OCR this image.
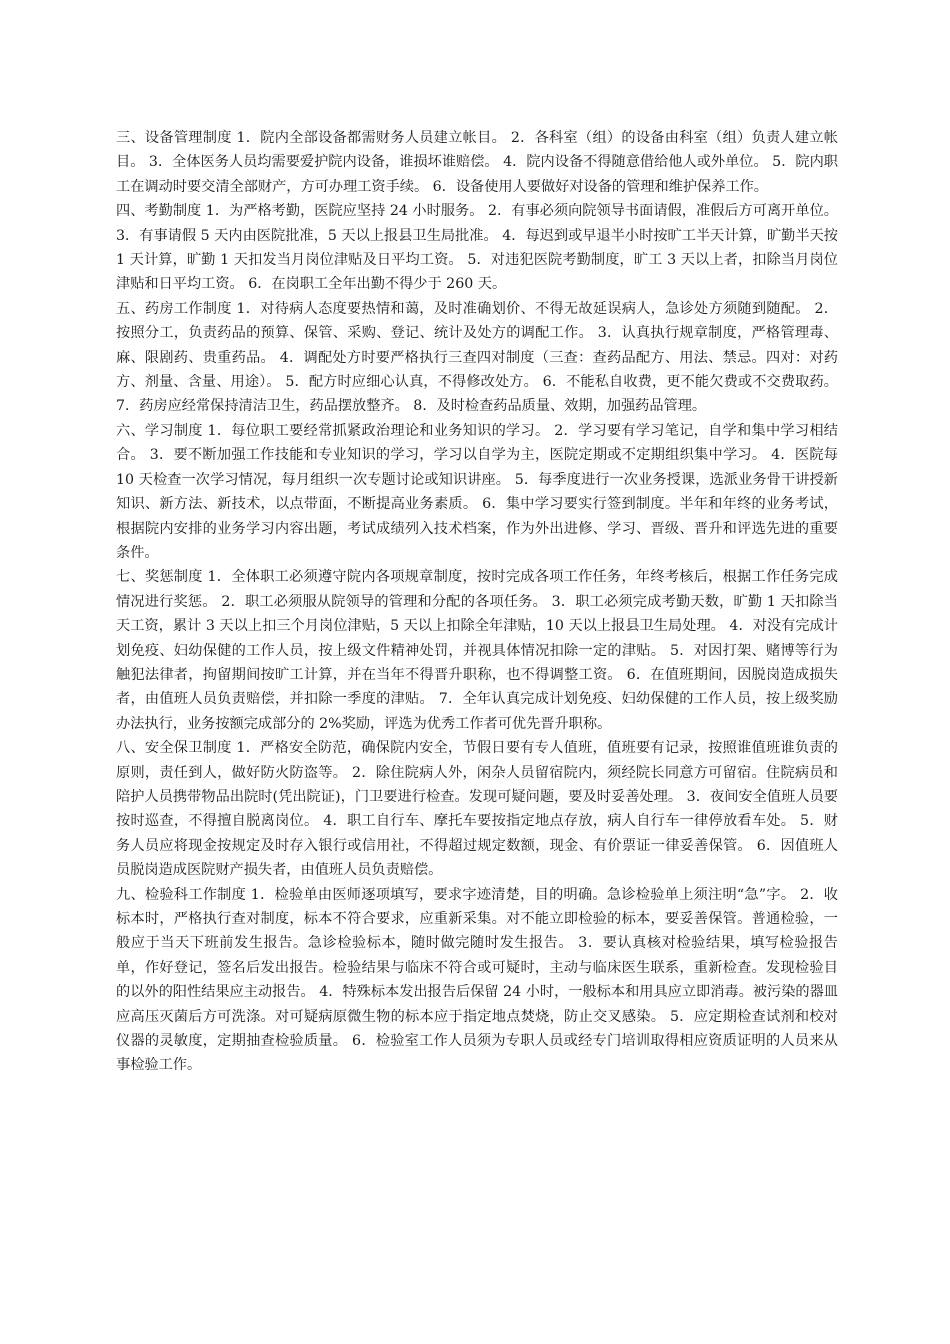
三、设备管理制度 1．院内全部设备都需财务人员建立帐目。 2．各科室（组）的设备由科室（组）负责人建立帐目。 3．全体医务人员均需要爱护院内设备，谁损坏谁赔偿。 4．院内设备不得随意借给他人或外单位。 5．院内职工在调动时要交清全部财产，方可办理工资手续。 6．设备使用人要做好对设备的管理和维护保养工作。

四、考勤制度 1．为严格考勤，医院应坚持 24 小时服务。 2．有事必须向院领导书面请假，准假后方可离开单位。 3．有事请假 5 天内由医院批准，5 天以上报县卫生局批准。 4．每迟到或早退半小时按旷工半天计算，旷勤半天按 1 天计算，旷勤 1 天扣发当月岗位津贴及日平均工资。 5．对违犯医院考勤制度，旷工 3 天以上者，扣除当月岗位津贴和日平均工资。 6．在岗职工全年出勤不得少于 260 天。

五、药房工作制度 1．对待病人态度要热情和蔼，及时准确划价、不得无故延误病人，急诊处方须随到随配。 2．按照分工，负责药品的预算、保管、采购、登记、统计及处方的调配工作。 3．认真执行规章制度，严格管理毒、麻、限剧药、贵重药品。 4．调配处方时要严格执行三查四对制度（三查：查药品配方、用法、禁忌。四对：对药方、剂量、含量、用途）。 5．配方时应细心认真，不得修改处方。 6．不能私自收费，更不能欠费或不交费取药。 7．药房应经常保持清洁卫生，药品摆放整齐。 8．及时检查药品质量、效期，加强药品管理。

六、学习制度 1．每位职工要经常抓紧政治理论和业务知识的学习。 2．学习要有学习笔记，自学和集中学习相结合。 3．要不断加强工作技能和专业知识的学习，学习以自学为主，医院定期或不定期组织集中学习。 4．医院每 10 天检查一次学习情况，每月组织一次专题讨论或知识讲座。 5．每季度进行一次业务授课，选派业务骨干讲授新知识、新方法、新技术，以点带面，不断提高业务素质。 6．集中学习要实行签到制度。半年和年终的业务考试，根据院内安排的业务学习内容出题，考试成绩列入技术档案，作为外出进修、学习、晋级、晋升和评选先进的重要条件。

七、奖惩制度 1．全体职工必须遵守院内各项规章制度，按时完成各项工作任务，年终考核后，根据工作任务完成情况进行奖惩。 2．职工必须服从院领导的管理和分配的各项任务。 3．职工必须完成考勤天数，旷勤 1 天扣除当天工资，累计 3 天以上扣三个月岗位津贴，5 天以上扣除全年津贴，10 天以上报县卫生局处理。 4．对没有完成计划免疫、妇幼保健的工作人员，按上级文件精神处罚，并视具体情况扣除一定的津贴。 5．对因打架、赌博等行为触犯法律者，拘留期间按旷工计算，并在当年不得晋升职称，也不得调整工资。 6．在值班期间，因脱岗造成损失者，由值班人员负责赔偿，并扣除一季度的津贴。 7．全年认真完成计划免疫、妇幼保健的工作人员，按上级奖励办法执行，业务按额完成部分的 2%奖励，评选为优秀工作者可优先晋升职称。

八、安全保卫制度 1．严格安全防范，确保院内安全，节假日要有专人值班，值班要有记录，按照谁值班谁负责的原则，责任到人，做好防火防盗等。 2．除住院病人外，闲杂人员留宿院内，须经院长同意方可留宿。住院病员和陪护人员携带物品出院时(凭出院证)，门卫要进行检查。发现可疑问题，要及时妥善处理。 3．夜间安全值班人员要按时巡查，不得擅自脱离岗位。 4．职工自行车、摩托车要按指定地点存放，病人自行车一律停放看车处。 5．财务人员应将现金按规定及时存入银行或信用社，不得超过规定数额，现金、有价票证一律妥善保管。 6．因值班人员脱岗造成医院财产损失者，由值班人员负责赔偿。

九、检验科工作制度 1．检验单由医师逐项填写，要求字迹清楚，目的明确。急诊检验单上须注明“急”字。 2．收标本时，严格执行查对制度，标本不符合要求，应重新采集。对不能立即检验的标本，要妥善保管。普通检验，一般应于当天下班前发生报告。急诊检验标本，随时做完随时发生报告。 3．要认真核对检验结果，填写检验报告单，作好登记，签名后发出报告。检验结果与临床不符合或可疑时，主动与临床医生联系，重新检查。发现检验目的以外的阳性结果应主动报告。 4．特殊标本发出报告后保留 24 小时，一般标本和用具应立即消毒。被污染的器皿应高压灭菌后方可洗涤。对可疑病原微生物的标本应于指定地点焚烧，防止交叉感染。 5．应定期检查试剂和校对仪器的灵敏度，定期抽查检验质量。 6．检验室工作人员须为专职人员或经专门培训取得相应资质证明的人员来从事检验工作。
